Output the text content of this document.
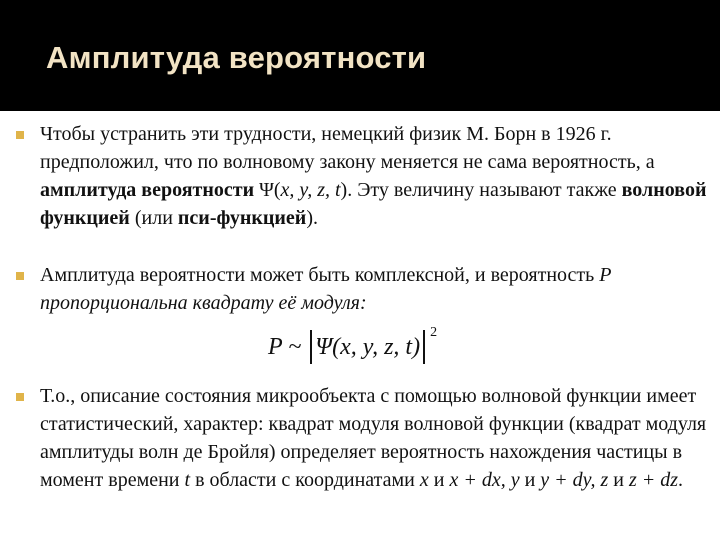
Амплитуда вероятности
Чтобы устранить эти трудности, немецкий физик М. Борн в 1926 г. предположил, что по волновому закону меняется не сама вероятность, а амплитуда вероятности Ψ(x, y, z, t). Эту величину называют также волновой функцией (или пси-функцией).
Амплитуда вероятности может быть комплексной, и вероятность P пропорциональна квадрату её модуля:
P ~ Ψ(x, y, z, t)
2
Т.о., описание состояния микрообъекта с помощью волновой функции имеет статистический, характер: квадрат модуля волновой функции (квадрат модуля амплитуды волн де Бройля) определяет вероятность нахождения частицы в момент времени t в области с координатами x и x + dx, y и y + dy, z и z + dz.
